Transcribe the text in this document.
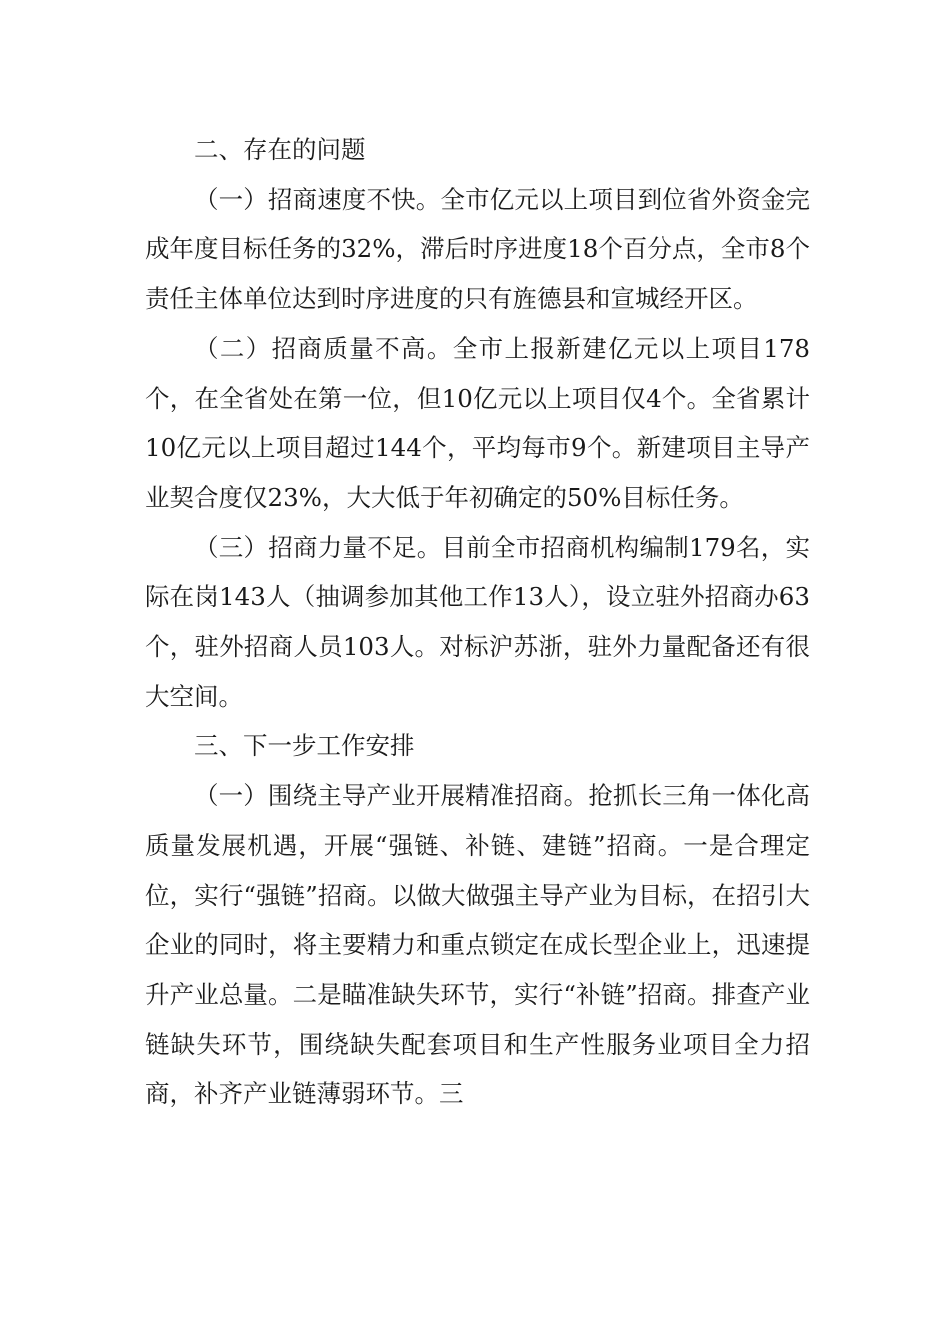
二、存在的问题

（一）招商速度不快。全市亿元以上项目到位省外资金完成年度目标任务的32%，滞后时序进度18个百分点，全市8个责任主体单位达到时序进度的只有旌德县和宣城经开区。

（二）招商质量不高。全市上报新建亿元以上项目178个，在全省处在第一位，但10亿元以上项目仅4个。全省累计10亿元以上项目超过144个，平均每市9个。新建项目主导产业契合度仅23%，大大低于年初确定的50%目标任务。

（三）招商力量不足。目前全市招商机构编制179名，实际在岗143人（抽调参加其他工作13人），设立驻外招商办63个，驻外招商人员103人。对标沪苏浙，驻外力量配备还有很大空间。

三、下一步工作安排

（一）围绕主导产业开展精准招商。抢抓长三角一体化高质量发展机遇，开展“强链、补链、建链”招商。一是合理定位，实行“强链”招商。以做大做强主导产业为目标，在招引大企业的同时，将主要精力和重点锁定在成长型企业上，迅速提升产业总量。二是瞄准缺失环节，实行“补链”招商。排查产业链缺失环节，围绕缺失配套项目和生产性服务业项目全力招商，补齐产业链薄弱环节。三
